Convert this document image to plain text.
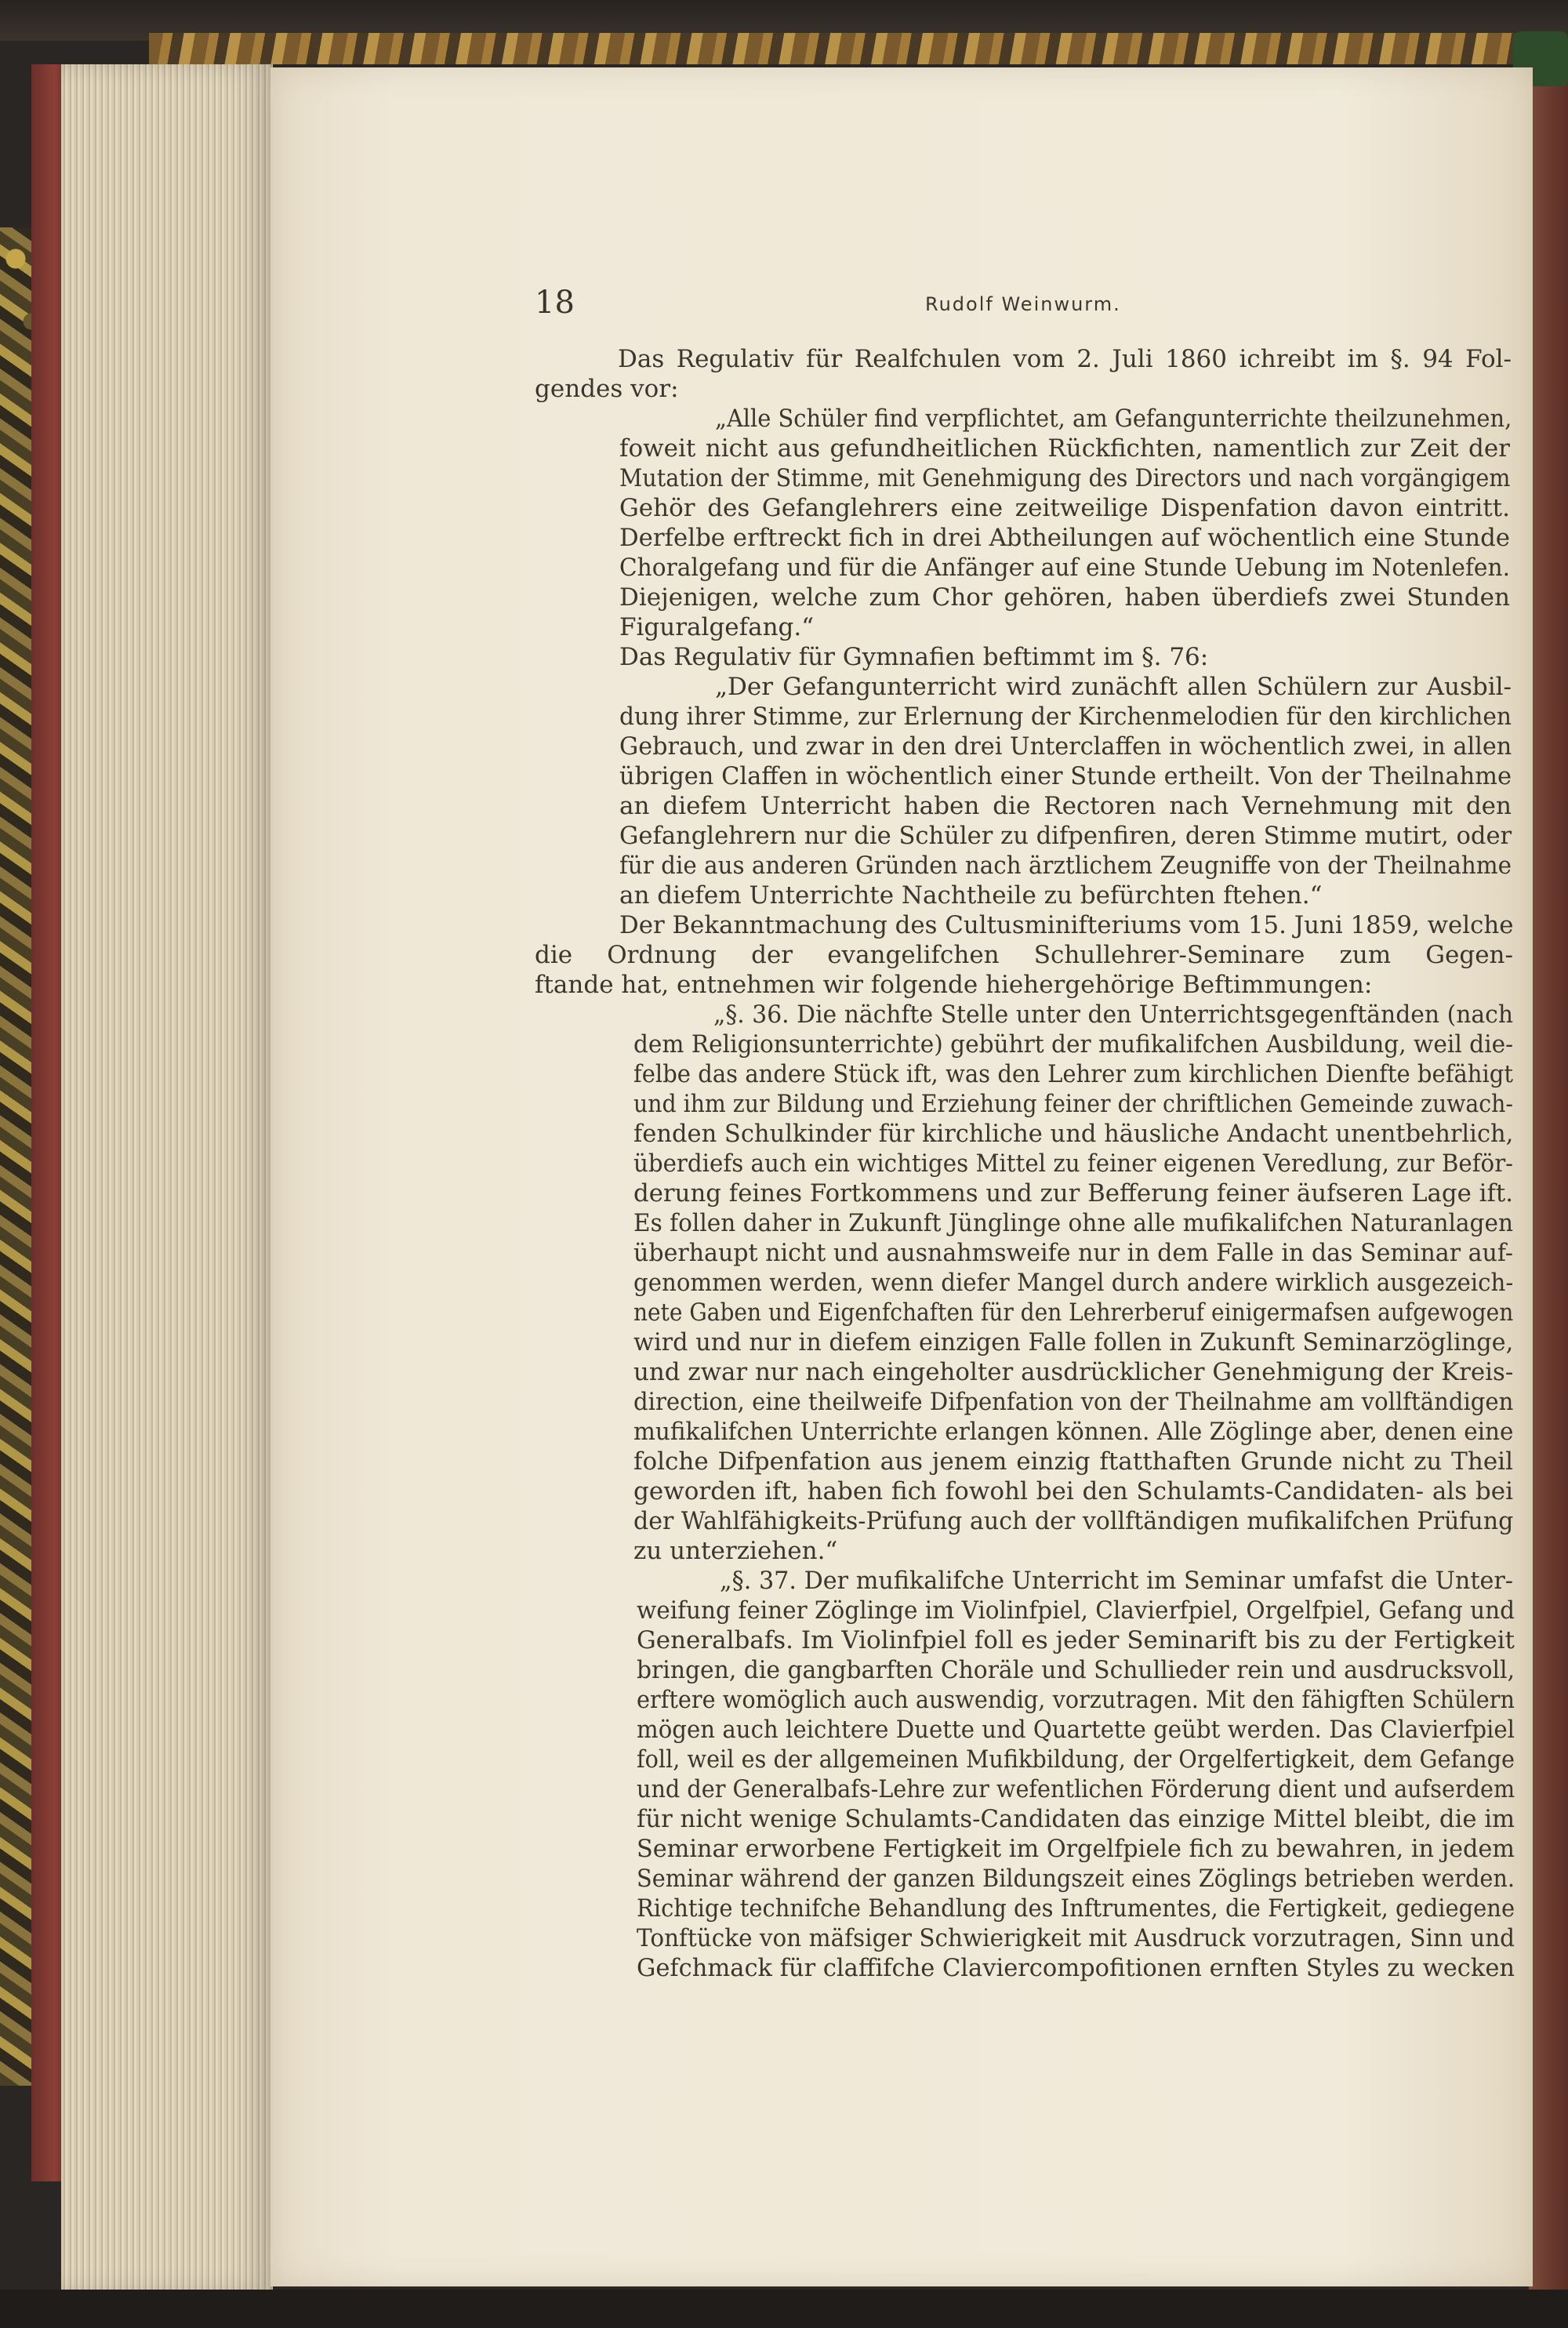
18	Rudolf Weinwurm.
Das Regulativ für Realfchulen vom 2. Juli 1860 ichreibt im §. 94 Fol-
gendes vor:
„Alle Schüler find verpflichtet, am Gefangunterrichte theilzunehmen,
foweit nicht aus gefundheitlichen Rückfichten, namentlich zur Zeit der
Mutation der Stimme, mit Genehmigung des Directors und nach vorgängigem
Gehör des Gefanglehrers eine zeitweilige Dispenfation davon eintritt.
Derfelbe erftreckt fich in drei Abtheilungen auf wöchentlich eine Stunde
Choralgefang und für die Anfänger auf eine Stunde Uebung im Notenlefen.
Diejenigen, welche zum Chor gehören, haben überdiefs zwei Stunden
Figuralgefang.“
Das Regulativ für Gymnafien beftimmt im §. 76:
„Der Gefangunterricht wird zunächft allen Schülern zur Ausbil-
dung ihrer Stimme, zur Erlernung der Kirchenmelodien für den kirchlichen
Gebrauch, und zwar in den drei Unterclaffen in wöchentlich zwei, in allen
übrigen Claffen in wöchentlich einer Stunde ertheilt. Von der Theilnahme
an diefem Unterricht haben die Rectoren nach Vernehmung mit den
Gefanglehrern nur die Schüler zu difpenfiren, deren Stimme mutirt, oder
für die aus anderen Gründen nach ärztlichem Zeugniffe von der Theilnahme
an diefem Unterrichte Nachtheile zu befürchten ftehen.“
Der Bekanntmachung des Cultusminifteriums vom 15. Juni 1859, welche
die Ordnung der evangelifchen Schullehrer-Seminare zum Gegen-
ftande hat, entnehmen wir folgende hiehergehörige Beftimmungen:
„§. 36. Die nächfte Stelle unter den Unterrichtsgegenftänden (nach
dem Religionsunterrichte) gebührt der mufikalifchen Ausbildung, weil die-
felbe das andere Stück ift, was den Lehrer zum kirchlichen Dienfte befähigt
und ihm zur Bildung und Erziehung feiner der chriftlichen Gemeinde zuwach-
fenden Schulkinder für kirchliche und häusliche Andacht unentbehrlich,
überdiefs auch ein wichtiges Mittel zu feiner eigenen Veredlung, zur Beför-
derung feines Fortkommens und zur Befferung feiner äufseren Lage ift.
Es follen daher in Zukunft Jünglinge ohne alle mufikalifchen Naturanlagen
überhaupt nicht und ausnahmsweife nur in dem Falle in das Seminar auf-
genommen werden, wenn diefer Mangel durch andere wirklich ausgezeich-
nete Gaben und Eigenfchaften für den Lehrerberuf einigermafsen aufgewogen
wird und nur in diefem einzigen Falle follen in Zukunft Seminarzöglinge,
und zwar nur nach eingeholter ausdrücklicher Genehmigung der Kreis-
direction, eine theilweife Difpenfation von der Theilnahme am vollftändigen
mufikalifchen Unterrichte erlangen können. Alle Zöglinge aber, denen eine
folche Difpenfation aus jenem einzig ftatthaften Grunde nicht zu Theil
geworden ift, haben fich fowohl bei den Schulamts-Candidaten- als bei
der Wahlfähigkeits-Prüfung auch der vollftändigen mufikalifchen Prüfung
zu unterziehen.“
„§. 37. Der mufikalifche Unterricht im Seminar umfafst die Unter-
weifung feiner Zöglinge im Violinfpiel, Clavierfpiel, Orgelfpiel, Gefang und
Generalbafs. Im Violinfpiel foll es jeder Seminarift bis zu der Fertigkeit
bringen, die gangbarften Choräle und Schullieder rein und ausdrucksvoll,
erftere womöglich auch auswendig, vorzutragen. Mit den fähigften Schülern
mögen auch leichtere Duette und Quartette geübt werden. Das Clavierfpiel
foll, weil es der allgemeinen Mufikbildung, der Orgelfertigkeit, dem Gefange
und der Generalbafs-Lehre zur wefentlichen Förderung dient und aufserdem
für nicht wenige Schulamts-Candidaten das einzige Mittel bleibt, die im
Seminar erworbene Fertigkeit im Orgelfpiele fich zu bewahren, in jedem
Seminar während der ganzen Bildungszeit eines Zöglings betrieben werden.
Richtige technifche Behandlung des Inftrumentes, die Fertigkeit, gediegene
Tonftücke von mäfsiger Schwierigkeit mit Ausdruck vorzutragen, Sinn und
Gefchmack für claffifche Claviercompofitionen ernften Styles zu wecken
